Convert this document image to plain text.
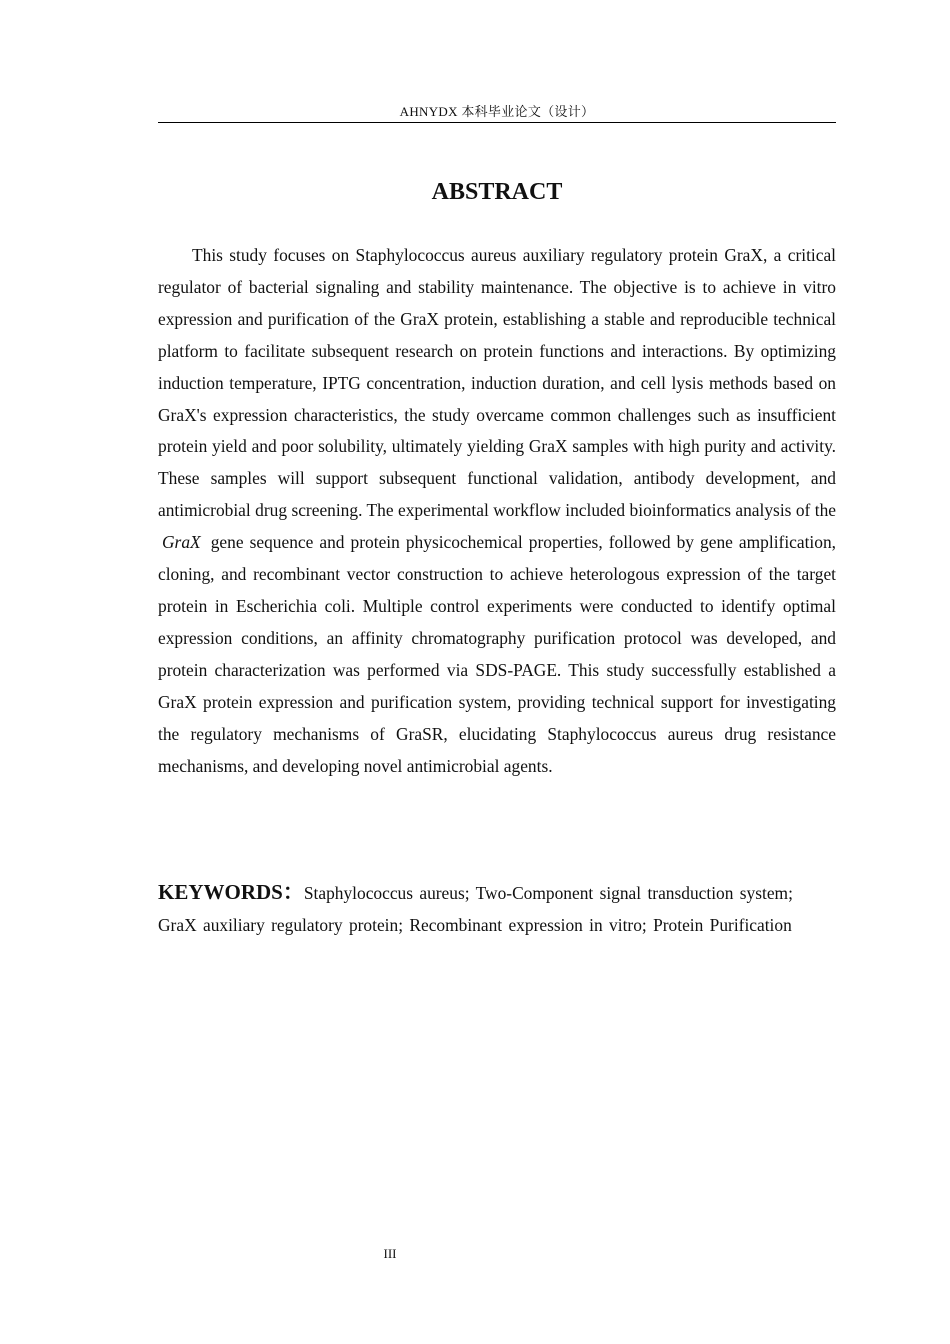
AHNYDX 本科毕业论文（设计）
ABSTRACT

This study focuses on Staphylococcus aureus auxiliary regulatory protein GraX, a critical regulator of bacterial signaling and stability maintenance. The objective is to achieve in vitro expression and purification of the GraX protein, establishing a stable and reproducible technical platform to facilitate subsequent research on protein functions and interactions. By optimizing induction temperature, IPTG concentration, induction duration, and cell lysis methods based on GraX's expression characteristics, the study overcame common challenges such as insufficient protein yield and poor solubility, ultimately yielding GraX samples with high purity and activity. These samples will support subsequent functional validation, antibody development, and antimicrobial drug screening. The experimental workflow included bioinformatics analysis of the GraX gene sequence and protein physicochemical properties, followed by gene amplification, cloning, and recombinant vector construction to achieve heterologous expression of the target protein in Escherichia coli. Multiple control experiments were conducted to identify optimal expression conditions, an affinity chromatography purification protocol was developed, and protein characterization was performed via SDS-PAGE. This study successfully established a GraX protein expression and purification system, providing technical support for investigating the regulatory mechanisms of GraSR, elucidating Staphylococcus aureus drug resistance mechanisms, and developing novel antimicrobial agents.

KEYWORDS：Staphylococcus aureus; Two-Component signal transduction system; GraX auxiliary regulatory protein; Recombinant expression in vitro; Protein Purification

III
